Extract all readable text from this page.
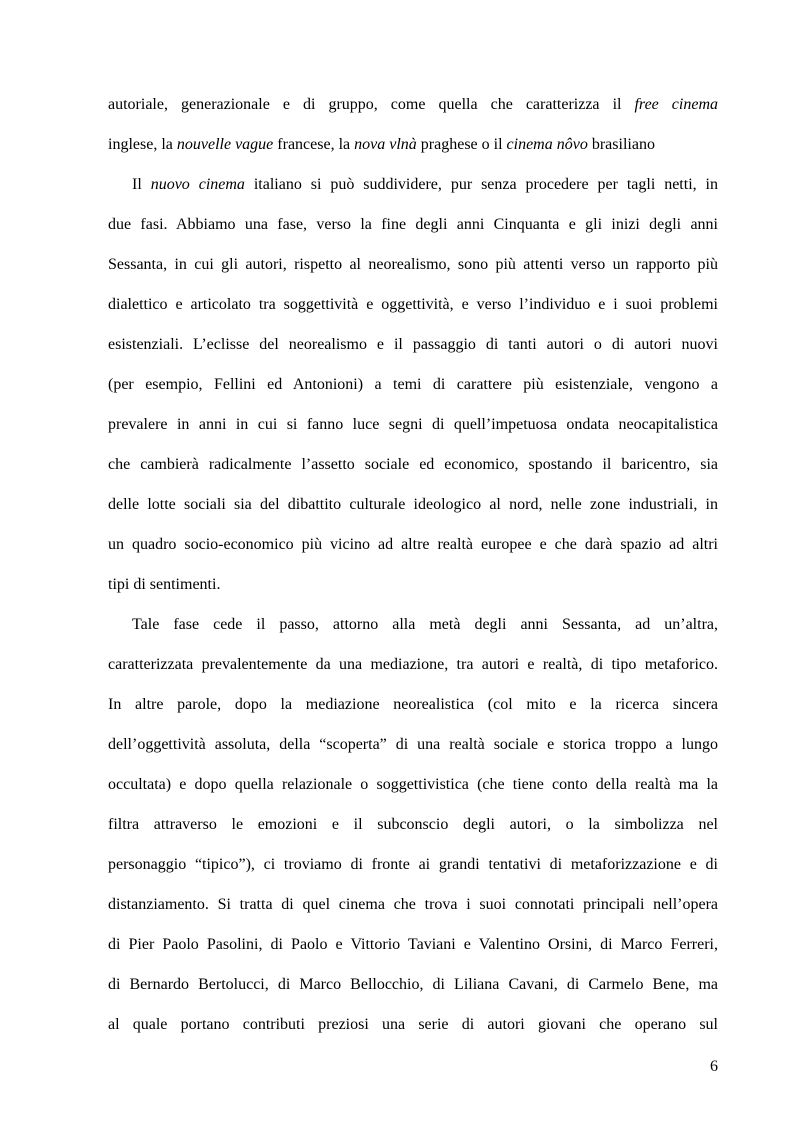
autoriale, generazionale e di gruppo, come quella che caratterizza il free cinema
inglese, la nouvelle vague francese, la nova vlnà praghese o il cinema nôvo brasiliano
Il nuovo cinema italiano si può suddividere, pur senza procedere per tagli netti, in
due fasi. Abbiamo una fase, verso la fine degli anni Cinquanta e gli inizi degli anni
Sessanta, in cui gli autori, rispetto al neorealismo, sono più attenti verso un rapporto più
dialettico e articolato tra soggettività e oggettività, e verso l’individuo e i suoi problemi
esistenziali. L’eclisse del neorealismo e il passaggio di tanti autori o di autori nuovi
(per esempio, Fellini ed Antonioni) a temi di carattere più esistenziale, vengono a
prevalere in anni in cui si fanno luce segni di quell’impetuosa ondata neocapitalistica
che cambierà radicalmente l’assetto sociale ed economico, spostando il baricentro, sia
delle lotte sociali sia del dibattito culturale ideologico al nord, nelle zone industriali, in
un quadro socio-economico più vicino ad altre realtà europee e che darà spazio ad altri
tipi di sentimenti.
Tale fase cede il passo, attorno alla metà degli anni Sessanta, ad un’altra,
caratterizzata prevalentemente da una mediazione, tra autori e realtà, di tipo metaforico.
In altre parole, dopo la mediazione neorealistica (col mito e la ricerca sincera
dell’oggettività assoluta, della “scoperta” di una realtà sociale e storica troppo a lungo
occultata) e dopo quella relazionale o soggettivistica (che tiene conto della realtà ma la
filtra attraverso le emozioni e il subconscio degli autori, o la simbolizza nel
personaggio “tipico”), ci troviamo di fronte ai grandi tentativi di metaforizzazione e di
distanziamento. Si tratta di quel cinema che trova i suoi connotati principali nell’opera
di Pier Paolo Pasolini, di Paolo e Vittorio Taviani e Valentino Orsini, di Marco Ferreri,
di Bernardo Bertolucci, di Marco Bellocchio, di Liliana Cavani, di Carmelo Bene, ma
al quale portano contributi preziosi una serie di autori giovani che operano sul
6
